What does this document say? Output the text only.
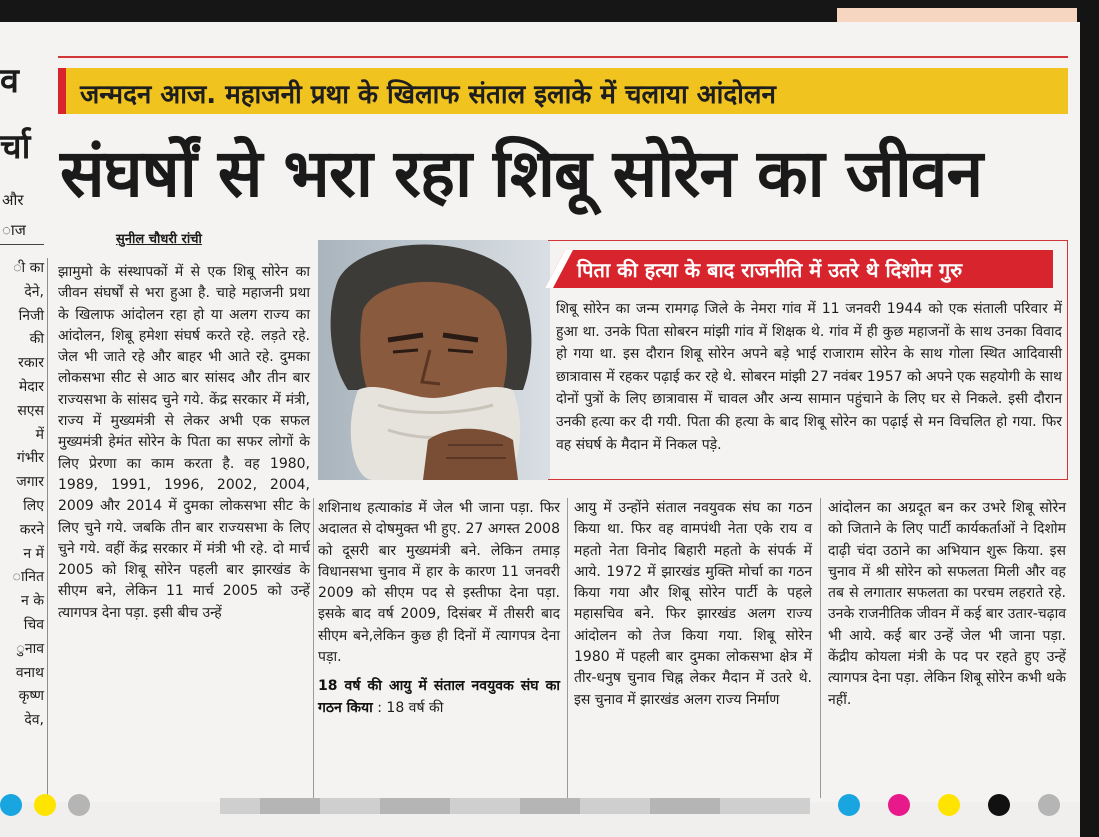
व
र्चा
और
ाज
ी का
देने,
निजी
की
रकार
मेदार
सएस
में
गंभीर
जगार
लिए
करने
न में
ानित
न के
चिव
ुनाव
वनाथ
कृष्ण
देव,
जन्मदन आज. महाजनी प्रथा के खिलाफ संताल इलाके में चलाया आंदोलन
संघर्षों से भरा रहा शिबू सोरेन का जीवन
सुनील चौधरी रांची

झामुमो के संस्थापकों में से एक शिबू सोरेन का जीवन संघर्षों से भरा हुआ है. चाहे महाजनी प्रथा के खिलाफ आंदोलन रहा हो या अलग राज्य का आंदोलन, शिबू हमेशा संघर्ष करते रहे. लड़ते रहे. जेल भी जाते रहे और बाहर भी आते रहे. दुमका लोकसभा सीट से आठ बार सांसद और तीन बार राज्यसभा के सांसद चुने गये. केंद्र सरकार में मंत्री, राज्य में मुख्यमंत्री से लेकर अभी एक सफल मुख्यमंत्री हेमंत सोरेन के पिता का सफर लोगों के लिए प्रेरणा का काम करता है. वह 1980, 1989, 1991, 1996, 2002, 2004, 2009 और 2014 में दुमका लोकसभा सीट के लिए चुने गये. जबकि तीन बार राज्यसभा के लिए चुने गये. वहीं केंद्र सरकार में मंत्री भी रहे. दो मार्च 2005 को शिबू सोरेन पहली बार झारखंड के सीएम बने, लेकिन 11 मार्च 2005 को उन्हें त्यागपत्र देना पड़ा. इसी बीच उन्हें

पिता की हत्या के बाद राजनीति में उतरे थे दिशोम गुरु
शिबू सोरेन का जन्म रामगढ़ जिले के नेमरा गांव में 11 जनवरी 1944 को एक संताली परिवार में हुआ था. उनके पिता सोबरन मांझी गांव में शिक्षक थे. गांव में ही कुछ महाजनों के साथ उनका विवाद हो गया था. इस दौरान शिबू सोरेन अपने बड़े भाई राजाराम सोरेन के साथ गोला स्थित आदिवासी छात्रावास में रहकर पढ़ाई कर रहे थे. सोबरन मांझी 27 नवंबर 1957 को अपने एक सहयोगी के साथ दोनों पुत्रों के लिए छात्रावास में चावल और अन्य सामान पहुंचाने के लिए घर से निकले. इसी दौरान उनकी हत्या कर दी गयी. पिता की हत्या के बाद शिबू सोरेन का पढ़ाई से मन विचलित हो गया. फिर वह संघर्ष के मैदान में निकल पड़े.

शशिनाथ हत्याकांड में जेल भी जाना पड़ा. फिर अदालत से दोषमुक्त भी हुए. 27 अगस्त 2008 को दूसरी बार मुख्यमंत्री बने. लेकिन तमाड़ विधानसभा चुनाव में हार के कारण 11 जनवरी 2009 को सीएम पद से इस्तीफा देना पड़ा. इसके बाद वर्ष 2009, दिसंबर में तीसरी बाद सीएम बने,लेकिन कुछ ही दिनों में त्यागपत्र देना पड़ा.

18 वर्ष की आयु में संताल नवयुवक संघ का गठन किया : 18 वर्ष की

आयु में उन्होंने संताल नवयुवक संघ का गठन किया था. फिर वह वामपंथी नेता एके राय व महतो नेता विनोद बिहारी महतो के संपर्क में आये. 1972 में झारखंड मुक्ति मोर्चा का गठन किया गया और शिबू सोरेन पार्टी के पहले महासचिव बने. फिर झारखंड अलग राज्य आंदोलन को तेज किया गया. शिबू सोरेन 1980 में पहली बार दुमका लोकसभा क्षेत्र में तीर-धनुष चुनाव चिह्न लेकर मैदान में उतरे थे. इस चुनाव में झारखंड अलग राज्य निर्माण

आंदोलन का अग्रदूत बन कर उभरे शिबू सोरेन को जिताने के लिए पार्टी कार्यकर्ताओं ने दिशोम दाढ़ी चंदा उठाने का अभियान शुरू किया. इस चुनाव में श्री सोरेन को सफलता मिली और वह तब से लगातार सफलता का परचम लहराते रहे. उनके राजनीतिक जीवन में कई बार उतार-चढ़ाव भी आये. कई बार उन्हें जेल भी जाना पड़ा. केंद्रीय कोयला मंत्री के पद पर रहते हुए उन्हें त्यागपत्र देना पड़ा. लेकिन शिबू सोरेन कभी थके नहीं.
